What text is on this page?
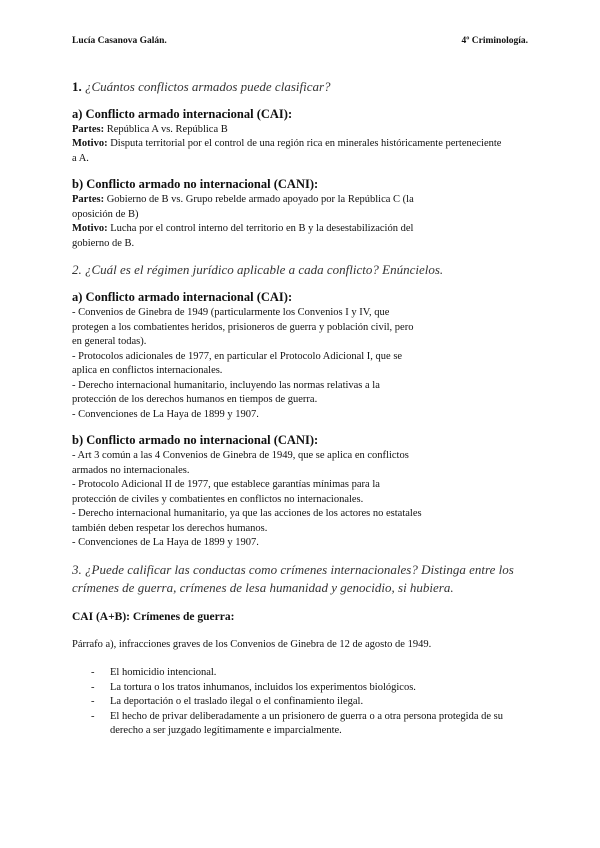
Lucía Casanova Galán.	4º Criminología.

1. ¿Cuántos conflictos armados puede clasificar?

a) Conflicto armado internacional (CAI):

Partes: República A vs. República B

Motivo: Disputa territorial por el control de una región rica en minerales históricamente perteneciente

a A.

b) Conflicto armado no internacional (CANI):

Partes: Gobierno de B vs. Grupo rebelde armado apoyado por la República C (la

oposición de B)

Motivo: Lucha por el control interno del territorio en B y la desestabilización del

gobierno de B.

2. ¿Cuál es el régimen jurídico aplicable a cada conflicto? Enúncielos.

a) Conflicto armado internacional (CAI):

- Convenios de Ginebra de 1949 (particularmente los Convenios I y IV, que

protegen a los combatientes heridos, prisioneros de guerra y población civil, pero

en general todas).

- Protocolos adicionales de 1977, en particular el Protocolo Adicional I, que se

aplica en conflictos internacionales.

- Derecho internacional humanitario, incluyendo las normas relativas a la

protección de los derechos humanos en tiempos de guerra.

- Convenciones de La Haya de 1899 y 1907.

b) Conflicto armado no internacional (CANI):

- Art 3 común a las 4 Convenios de Ginebra de 1949, que se aplica en conflictos

armados no internacionales.

- Protocolo Adicional II de 1977, que establece garantías mínimas para la

protección de civiles y combatientes en conflictos no internacionales.

- Derecho internacional humanitario, ya que las acciones de los actores no estatales

también deben respetar los derechos humanos.

- Convenciones de La Haya de 1899 y 1907.

3. ¿Puede calificar las conductas como crímenes internacionales? Distinga entre los

crímenes de guerra, crímenes de lesa humanidad y genocidio, si hubiera.

CAI (A+B): Crímenes de guerra:

Párrafo a), infracciones graves de los Convenios de Ginebra de 12 de agosto de 1949.

- El homicidio intencional.
- La tortura o los tratos inhumanos, incluidos los experimentos biológicos.
- La deportación o el traslado ilegal o el confinamiento ilegal.
- El hecho de privar deliberadamente a un prisionero de guerra o a otra persona protegida de su
derecho a ser juzgado legítimamente e imparcialmente.
